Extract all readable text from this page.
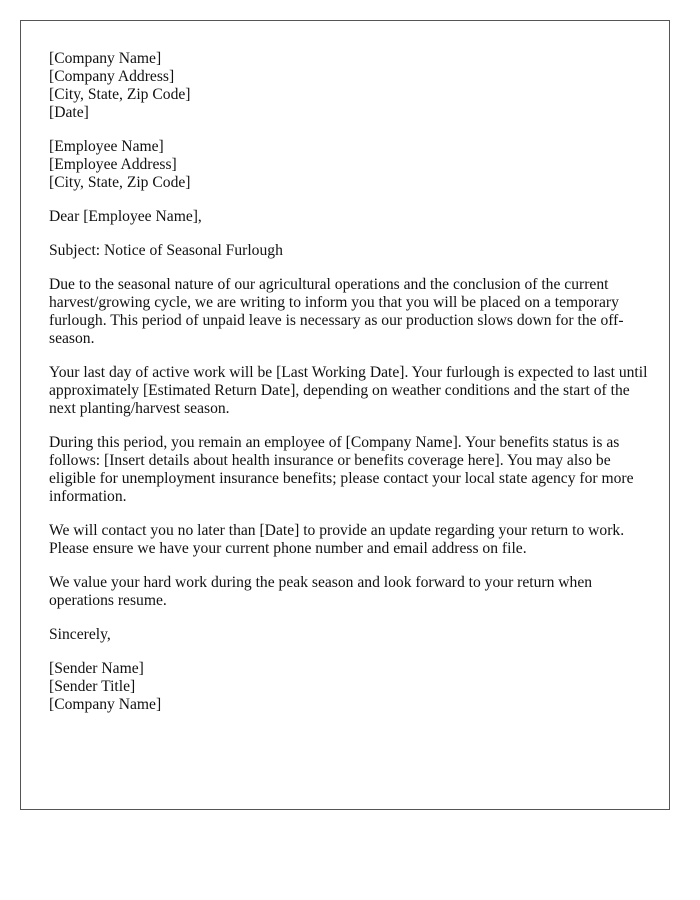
[Company Name]
[Company Address]
[City, State, Zip Code]
[Date]
[Employee Name]
[Employee Address]
[City, State, Zip Code]

Dear [Employee Name],

Subject: Notice of Seasonal Furlough

Due to the seasonal nature of our agricultural operations and the conclusion of the current harvest/growing cycle, we are writing to inform you that you will be placed on a temporary furlough. This period of unpaid leave is necessary as our production slows down for the off-season.

Your last day of active work will be [Last Working Date]. Your furlough is expected to last until approximately [Estimated Return Date], depending on weather conditions and the start of the next planting/harvest season.

During this period, you remain an employee of [Company Name]. Your benefits status is as follows: [Insert details about health insurance or benefits coverage here]. You may also be eligible for unemployment insurance benefits; please contact your local state agency for more information.

We will contact you no later than [Date] to provide an update regarding your return to work. Please ensure we have your current phone number and email address on file.

We value your hard work during the peak season and look forward to your return when operations resume.

Sincerely,

[Sender Name]
[Sender Title]
[Company Name]
